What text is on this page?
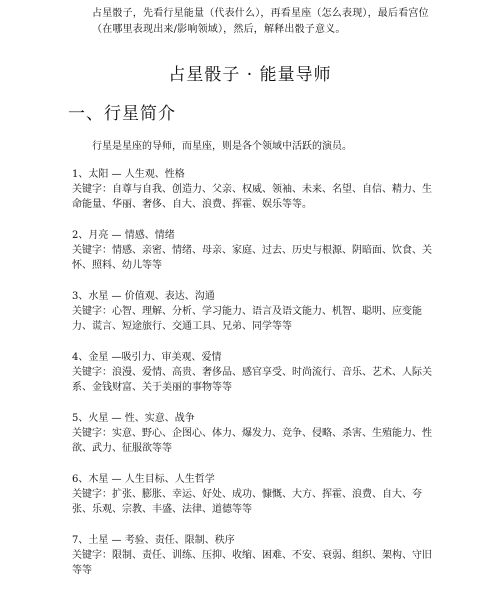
占星骰子，先看行星能量（代表什么），再看星座（怎么表现），最后看宫位（在哪里表现出来/影响领域），然后，解释出骰子意义。
占星骰子 · 能量导师
一、行星简介
行星是星座的导师，而星座，则是各个领域中活跃的演员。
1、太阳 — 人生观、性格
关键字：自尊与自我、创造力、父亲、权威、领袖、未来、名望、自信、精力、生命能量、华丽、奢侈、自大、浪费、挥霍、娱乐等等。
2、月亮 — 情感、情绪
关键字：情感、亲密、情绪、母亲、家庭、过去、历史与根源、阴暗面、饮食、关怀、照料、幼儿等等
3、水星 — 价值观、表达、沟通
关键字：心智、理解、分析、学习能力、语言及语文能力、机智、聪明、应变能力、谎言、短途旅行、交通工具、兄弟、同学等等
4、金星 —吸引力、审美观、爱情
关键字：浪漫、爱情、高贵、奢侈品、感官享受、时尚流行、音乐、艺术、人际关系、金钱财富、关于美丽的事物等等
5、火星 — 性、实意、战争
关键字：实意、野心、企图心、体力、爆发力、竞争、侵略、杀害、生殖能力、性欲、武力、征服欲等等
6、木星 — 人生目标、人生哲学
关键字：扩张、膨胀、幸运、好处、成功、慷慨、大方、挥霍、浪费、自大、夸张、乐观、宗教、丰盛、法律、道德等等
7、土星 — 考验、责任、限制、秩序
关键字：限制、责任、训练、压抑、收缩、困难、不安、衰弱、组织、架构、守旧等等
